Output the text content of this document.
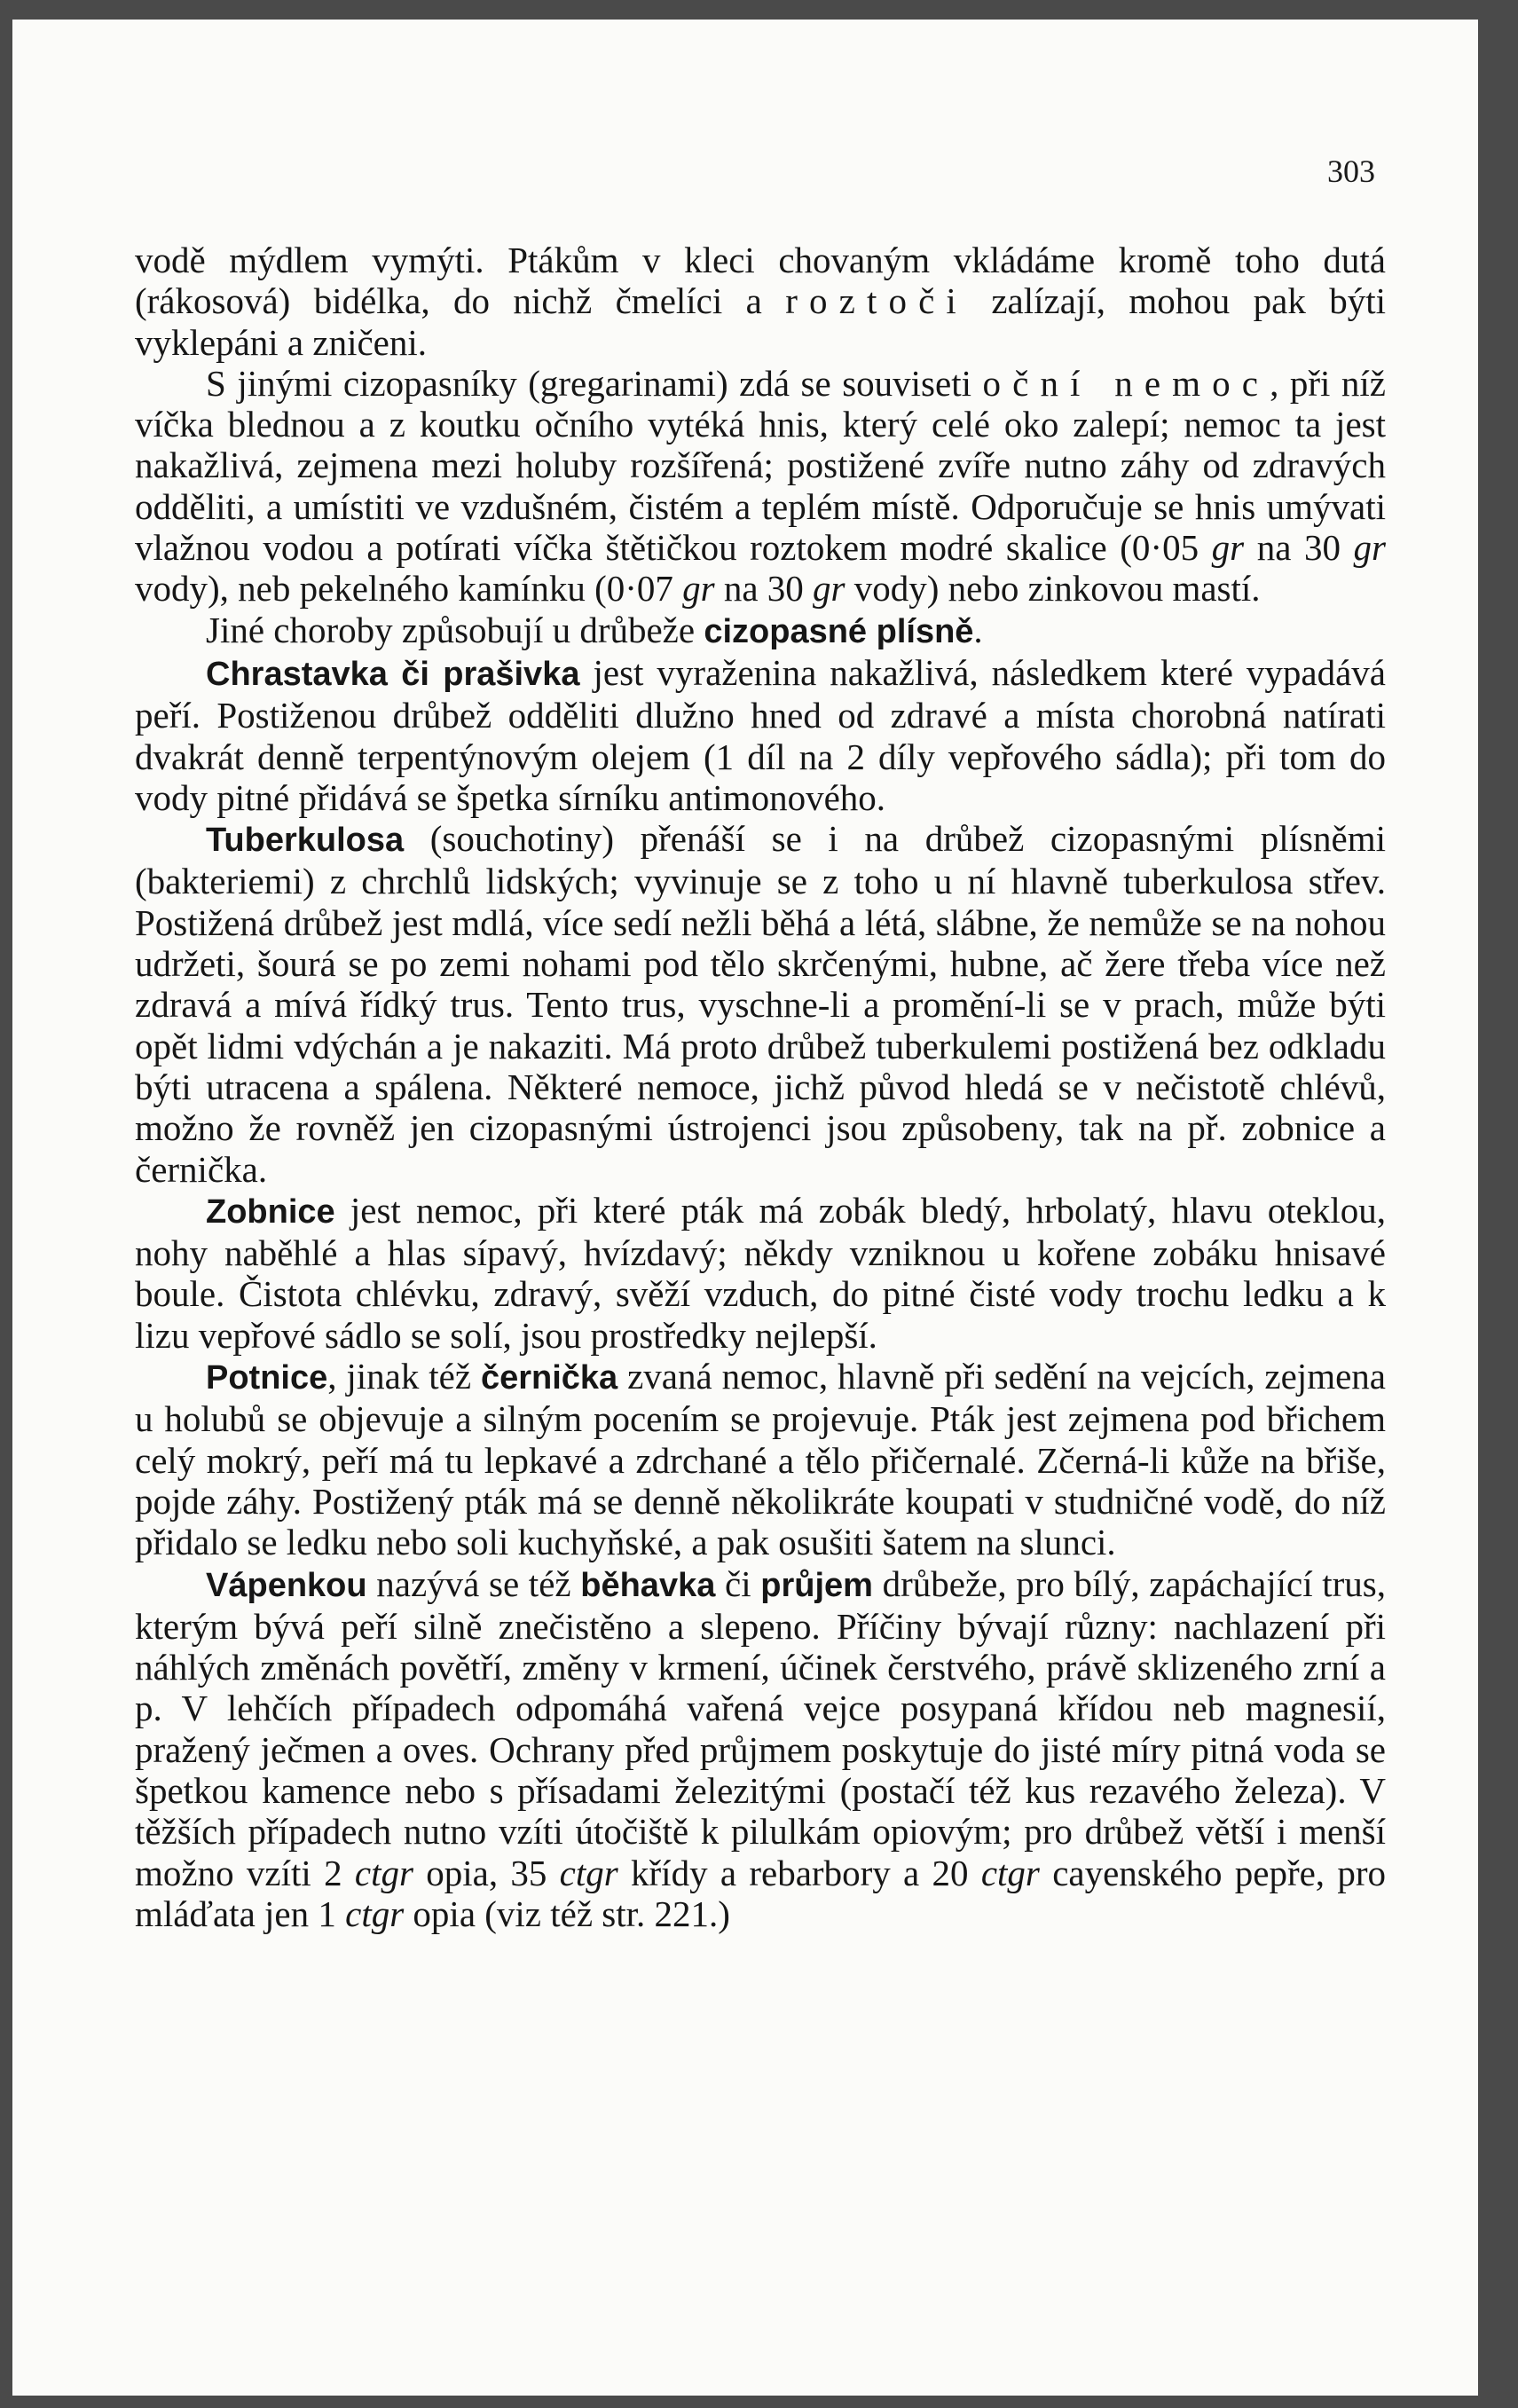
303

vodě mýdlem vymýti. Ptákům v kleci chovaným vkládáme kromě toho dutá (rákosová) bidélka, do nichž čmelíci a roztoči zalízají, mohou pak býti vyklepáni a zničeni.

S jinými cizopasníky (gregarinami) zdá se souviseti oční nemoc, při níž víčka blednou a z koutku očního vytéká hnis, který celé oko zalepí; nemoc ta jest nakažlivá, zejmena mezi holuby rozšířená; postižené zvíře nutno záhy od zdravých odděliti, a umístiti ve vzdušném, čistém a teplém místě. Odporučuje se hnis umývati vlažnou vodou a potírati víčka štětičkou roztokem modré skalice (0·05 gr na 30 gr vody), neb pekelného kamínku (0·07 gr na 30 gr vody) nebo zinkovou mastí.

Jiné choroby způsobují u drůbeže cizopasné plísně.

Chrastavka či prašivka jest vyraženina nakažlivá, následkem které vypadává peří. Postiženou drůbež odděliti dlužno hned od zdravé a místa chorobná natírati dvakrát denně terpentýnovým olejem (1 díl na 2 díly vepřového sádla); při tom do vody pitné přidává se špetka sírníku antimonového.

Tuberkulosa (souchotiny) přenáší se i na drůbež cizopasnými plísněmi (bakteriemi) z chrchlů lidských; vyvinuje se z toho u ní hlavně tuberkulosa střev. Postižená drůbež jest mdlá, více sedí nežli běhá a létá, slábne, že nemůže se na nohou udržeti, šourá se po zemi nohami pod tělo skrčenými, hubne, ač žere třeba více než zdravá a mívá řídký trus. Tento trus, vyschne-li a promění-li se v prach, může býti opět lidmi vdýchán a je nakaziti. Má proto drůbež tuberkulemi postižená bez odkladu býti utracena a spálena. Některé nemoce, jichž původ hledá se v nečistotě chlévů, možno že rovněž jen cizopasnými ústrojenci jsou způsobeny, tak na př. zobnice a černička.

Zobnice jest nemoc, při které pták má zobák bledý, hrbolatý, hlavu oteklou, nohy naběhlé a hlas sípavý, hvízdavý; někdy vzniknou u kořene zobáku hnisavé boule. Čistota chlévku, zdravý, svěží vzduch, do pitné čisté vody trochu ledku a k lizu vepřové sádlo se solí, jsou prostředky nejlepší.

Potnice, jinak též černička zvaná nemoc, hlavně při sedění na vejcích, zejmena u holubů se objevuje a silným pocením se projevuje. Pták jest zejmena pod břichem celý mokrý, peří má tu lepkavé a zdrchané a tělo přičernalé. Zčerná-li kůže na břiše, pojde záhy. Postižený pták má se denně několikráte koupati v studničné vodě, do níž přidalo se ledku nebo soli kuchyňské, a pak osušiti šatem na slunci.

Vápenkou nazývá se též běhavka či průjem drůbeže, pro bílý, zapáchající trus, kterým bývá peří silně znečistěno a slepeno. Příčiny bývají různy: nachlazení při náhlých změnách povětří, změny v krmení, účinek čerstvého, právě sklizeného zrní a p. V lehčích případech odpomáhá vařená vejce posypaná křídou neb magnesií, pražený ječmen a oves. Ochrany před průjmem poskytuje do jisté míry pitná voda se špetkou kamence nebo s přísadami železitými (postačí též kus rezavého železa). V těžších případech nutno vzíti útočiště k pilulkám opiovým; pro drůbež větší i menší možno vzíti 2 ctgr opia, 35 ctgr křídy a rebarbory a 20 ctgr cayenského pepře, pro mláďata jen 1 ctgr opia (viz též str. 221.)
